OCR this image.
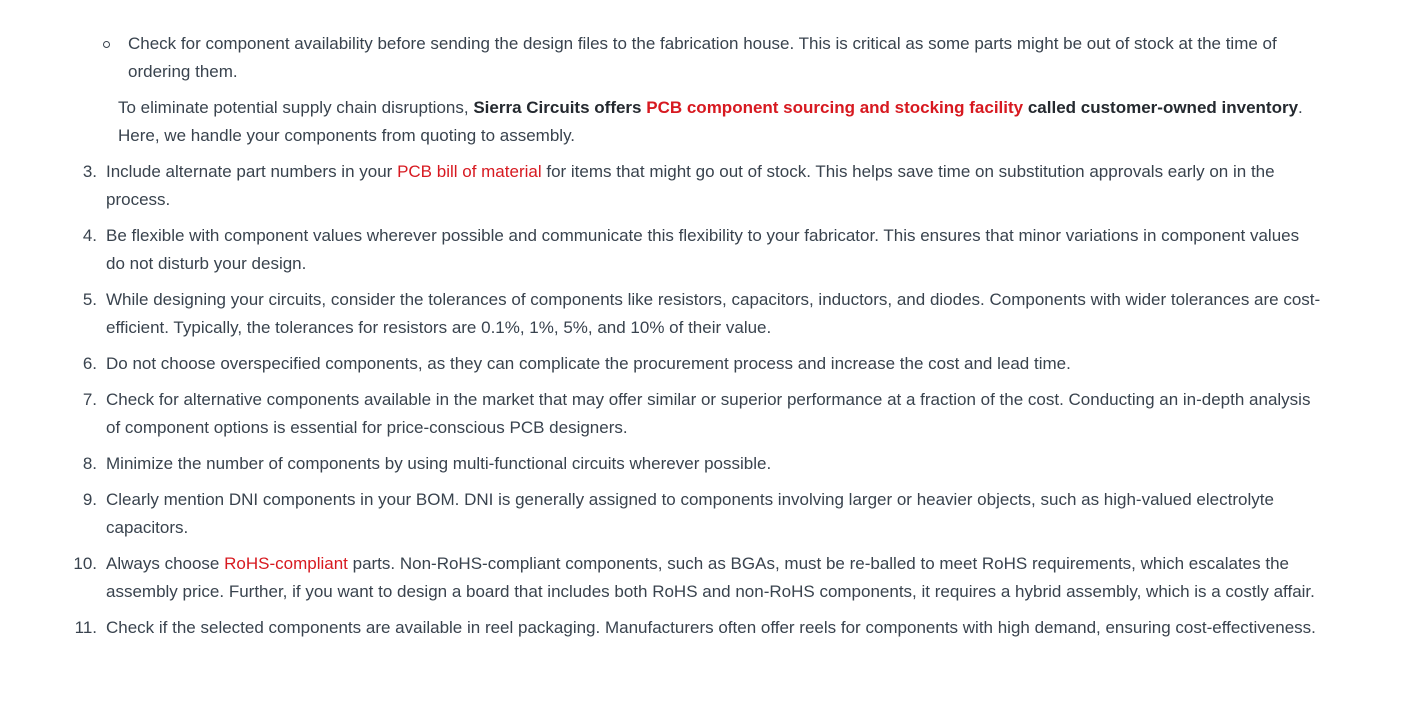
Check for component availability before sending the design files to the fabrication house. This is critical as some parts might be out of stock at the time of ordering them.

To eliminate potential supply chain disruptions, Sierra Circuits offers PCB component sourcing and stocking facility called customer-owned inventory. Here, we handle your components from quoting to assembly.

3. Include alternate part numbers in your PCB bill of material for items that might go out of stock. This helps save time on substitution approvals early on in the process.
4. Be flexible with component values wherever possible and communicate this flexibility to your fabricator. This ensures that minor variations in component values do not disturb your design.
5. While designing your circuits, consider the tolerances of components like resistors, capacitors, inductors, and diodes. Components with wider tolerances are cost-efficient. Typically, the tolerances for resistors are 0.1%, 1%, 5%, and 10% of their value.
6. Do not choose overspecified components, as they can complicate the procurement process and increase the cost and lead time.
7. Check for alternative components available in the market that may offer similar or superior performance at a fraction of the cost. Conducting an in-depth analysis of component options is essential for price-conscious PCB designers.
8. Minimize the number of components by using multi-functional circuits wherever possible.
9. Clearly mention DNI components in your BOM. DNI is generally assigned to components involving larger or heavier objects, such as high-valued electrolyte capacitors.
10. Always choose RoHS-compliant parts. Non-RoHS-compliant components, such as BGAs, must be re-balled to meet RoHS requirements, which escalates the assembly price. Further, if you want to design a board that includes both RoHS and non-RoHS components, it requires a hybrid assembly, which is a costly affair.
11. Check if the selected components are available in reel packaging. Manufacturers often offer reels for components with high demand, ensuring cost-effectiveness.
